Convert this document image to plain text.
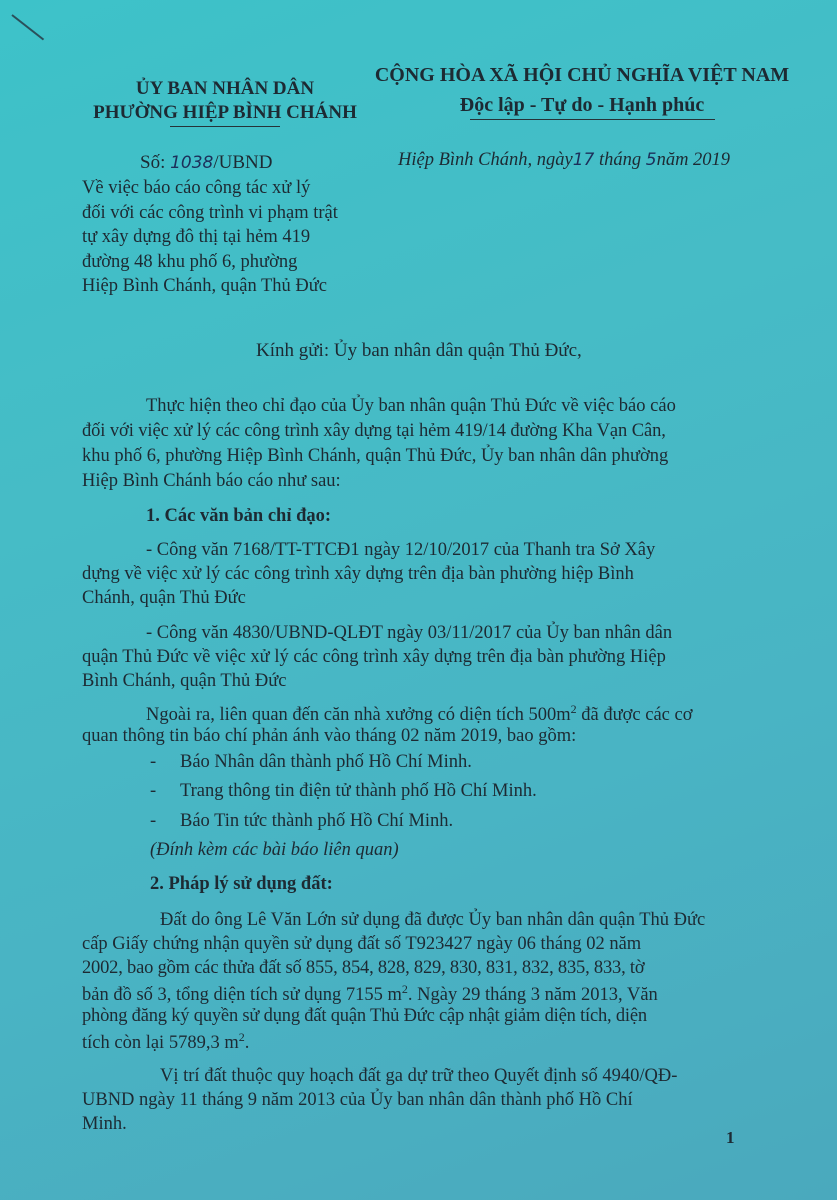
ỦY BAN NHÂN DÂN
PHƯỜNG HIỆP BÌNH CHÁNH
CỘNG HÒA XÃ HỘI CHỦ NGHĨA VIỆT NAM
Độc lập - Tự do - Hạnh phúc
Số: 1038/UBND
Về việc báo cáo công tác xử lý
đối với các công trình vi phạm trật
tự xây dựng đô thị tại hẻm 419
đường 48 khu phố 6, phường
Hiệp Bình Chánh, quận Thủ Đức
Hiệp Bình Chánh, ngày17 tháng 5năm 2019
Kính gửi: Ủy ban nhân dân quận Thủ Đức,
Thực hiện theo chỉ đạo của Ủy ban nhân quận Thủ Đức về việc báo cáo
đối với việc xử lý các công trình xây dựng tại hẻm 419/14 đường Kha Vạn Cân,
khu phố 6, phường Hiệp Bình Chánh, quận Thủ Đức, Ủy ban nhân dân phường
Hiệp Bình Chánh báo cáo như sau:
1. Các văn bản chỉ đạo:
- Công văn 7168/TT-TTCĐ1 ngày 12/10/2017 của Thanh tra Sở Xây
dựng về việc xử lý các công trình xây dựng trên địa bàn phường hiệp Bình
Chánh, quận Thủ Đức
- Công văn 4830/UBND-QLĐT ngày 03/11/2017 của Ủy ban nhân dân
quận Thủ Đức về việc xử lý các công trình xây dựng trên địa bàn phường Hiệp
Bình Chánh, quận Thủ Đức
Ngoài ra, liên quan đến căn nhà xưởng có diện tích $500m^2$ đã được các cơ
quan thông tin báo chí phản ánh vào tháng 02 năm 2019, bao gồm:
- Báo Nhân dân thành phố Hồ Chí Minh.
- Trang thông tin điện tử thành phố Hồ Chí Minh.
- Báo Tin tức thành phố Hồ Chí Minh.
(Đính kèm các bài báo liên quan)
2. Pháp lý sử dụng đất:
Đất do ông Lê Văn Lớn sử dụng đã được Ủy ban nhân dân quận Thủ Đức
cấp Giấy chứng nhận quyền sử dụng đất số T923427 ngày 06 tháng 02 năm
2002, bao gồm các thửa đất số 855, 854, 828, 829, 830, 831, 832, 835, 833, tờ
bản đồ số 3, tổng diện tích sử dụng 7155 $m^2$. Ngày 29 tháng 3 năm 2013, Văn
phòng đăng ký quyền sử dụng đất quận Thủ Đức cập nhật giảm diện tích, diện
tích còn lại 5789,3 $m^2$.
Vị trí đất thuộc quy hoạch đất ga dự trữ theo Quyết định số 4940/QĐ-
UBND ngày 11 tháng 9 năm 2013 của Ủy ban nhân dân thành phố Hồ Chí
Minh.
1
